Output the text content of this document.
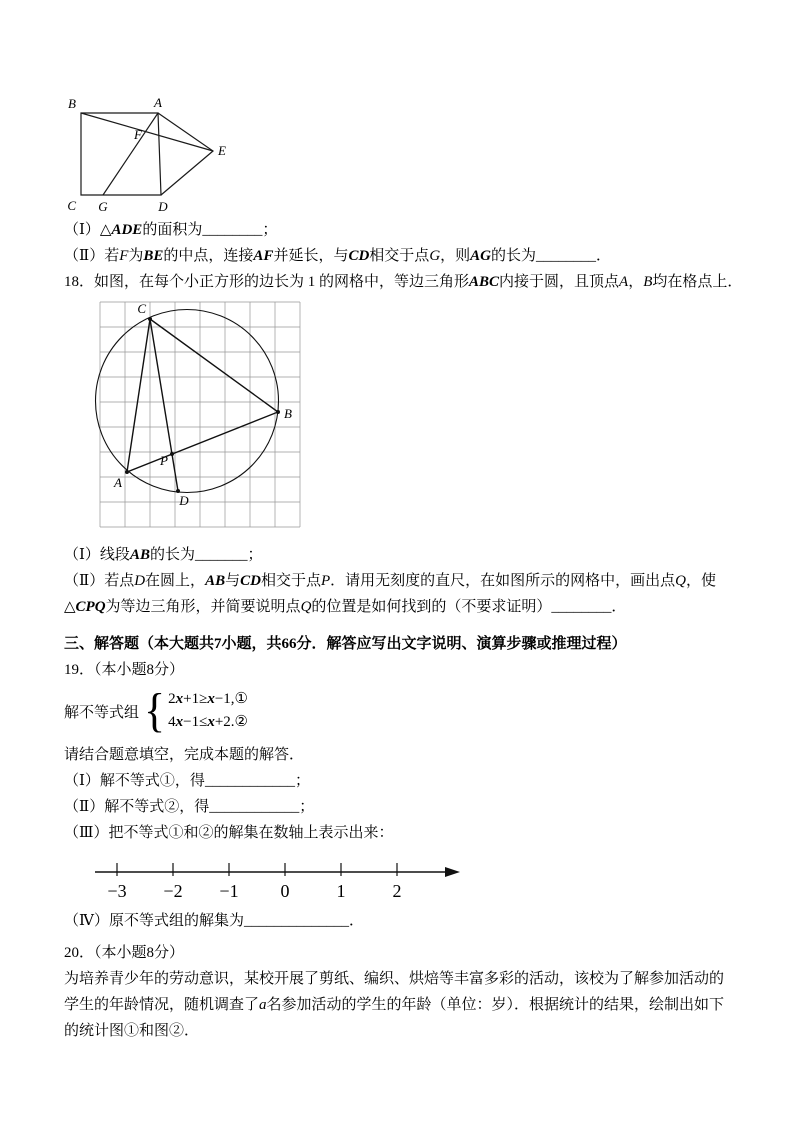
B	A
F
E
C G	D
（Ⅰ）△ADE的面积为________；
（Ⅱ）若F为BE的中点，连接AF并延长，与CD相交于点G，则AG的长为________．
18．如图，在每个小正方形的边长为 1 的网格中，等边三角形ABC内接于圆，且顶点A，B均在格点上．
C
B
A
P
D
（Ⅰ）线段AB的长为_______；
（Ⅱ）若点D在圆上，AB与CD相交于点P．请用无刻度的直尺，在如图所示的网格中，画出点Q，使
△CPQ为等边三角形，并简要说明点Q的位置是如何找到的（不要求证明）________．
三、解答题（本大题共7小题，共66分．解答应写出文字说明、演算步骤或推理过程）
19．（本小题8分）
解不等式组 { 2x+1≥x−1,①
4x−1≤x+2.②
请结合题意填空，完成本题的解答．
（Ⅰ）解不等式①，得____________；
（Ⅱ）解不等式②，得____________；
（Ⅲ）把不等式①和②的解集在数轴上表示出来：
−3 −2 −1 0	1	2
（Ⅳ）原不等式组的解集为______________．
20．（本小题8分）
为培养青少年的劳动意识，某校开展了剪纸、编织、烘焙等丰富多彩的活动，该校为了解参加活动的学生的年龄情况，随机调查了a名参加活动的学生的年龄（单位：岁）．根据统计的结果，绘制出如下的统计图①和图②．
